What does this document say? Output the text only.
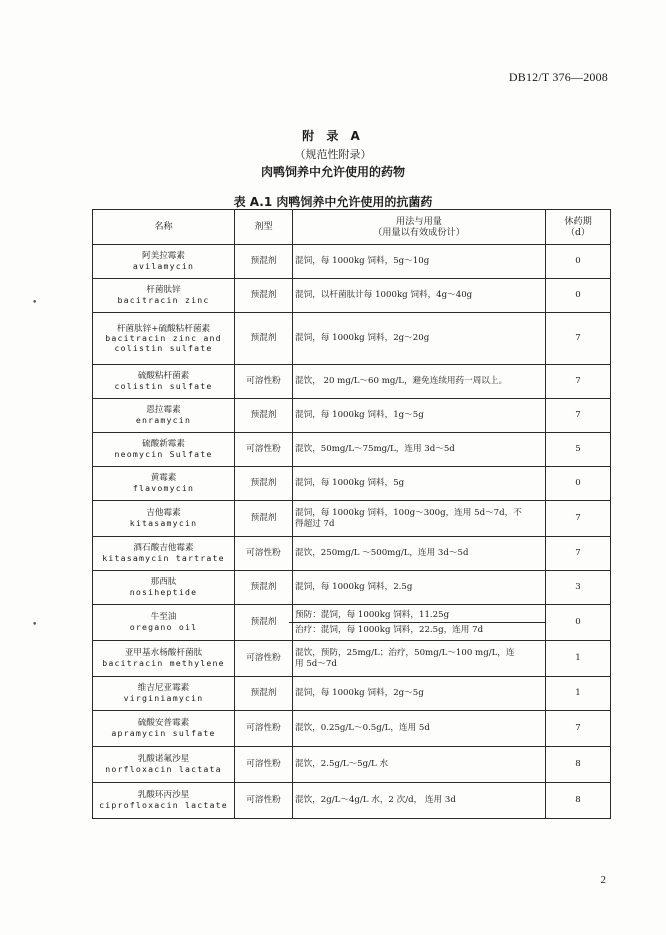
DB12/T 376—2008
附 录 A
（规范性附录）
肉鸭饲养中允许使用的药物
表 A.1 肉鸭饲养中允许使用的抗菌药
•
•
名称	剂型	用法与用量
（用量以有效成份计）	休药期
（d）

阿美拉霉素
avilamycin	预混剂	混饲，每 1000kg 饲料，5g～10g	0

杆菌肽锌
bacitracin zinc	预混剂	混饲，以杆菌肽计每 1000kg 饲料，4g～40g	0

杆菌肽锌+硫酸粘杆菌素
bacitracin zinc and
colistin sulfate	预混剂	混饲，每 1000kg 饲料，2g～20g	7

硫酸粘杆菌素
colistin sulfate	可溶性粉	混饮， 20 mg/L～60 mg/L，避免连续用药一周以上。	7

恩拉霉素
enramycin	预混剂	混饲，每 1000kg 饲料，1g～5g	7

硫酸新霉素
neomycin Sulfate	可溶性粉	混饮，50mg/L～75mg/L，连用 3d～5d	5

黄霉素
flavomycin	预混剂	混饲，每 1000kg 饲料，5g	0

吉他霉素
kitasamycin	预混剂	混饲，每 1000kg 饲料，100g～300g，连用 5d～7d，不
得超过 7d	7

酒石酸吉他霉素
kitasamycin tartrate	可溶性粉	混饮，250mg/L ～500mg/L，连用 3d～5d	7

那西肽
nosiheptide	预混剂	混饲，每 1000kg 饲料，2.5g	3

牛至油
oregano oil	预混剂	预防：混饲，每 1000kg 饲料，11.25g
治疗：混饲，每 1000kg 饲料，22.5g，连用 7d	0

亚甲基水杨酸杆菌肽
bacitracin methylene	可溶性粉	混饮，预防，25mg/L；治疗，50mg/L～100 mg/L，连
用 5d～7d	1

维吉尼亚霉素
virginiamycin	预混剂	混饲，每 1000kg 饲料，2g～5g	1

硫酸安普霉素
apramycin sulfate	可溶性粉	混饮，0.25g/L～0.5g/L，连用 5d	7

乳酸诺氟沙星
norfloxacin lactata	可溶性粉	混饮，2.5g/L～5g/L 水	8

乳酸环丙沙星
ciprofloxacin lactate	可溶性粉	混饮，2g/L～4g/L 水，2 次/d， 连用 3d	8
2
